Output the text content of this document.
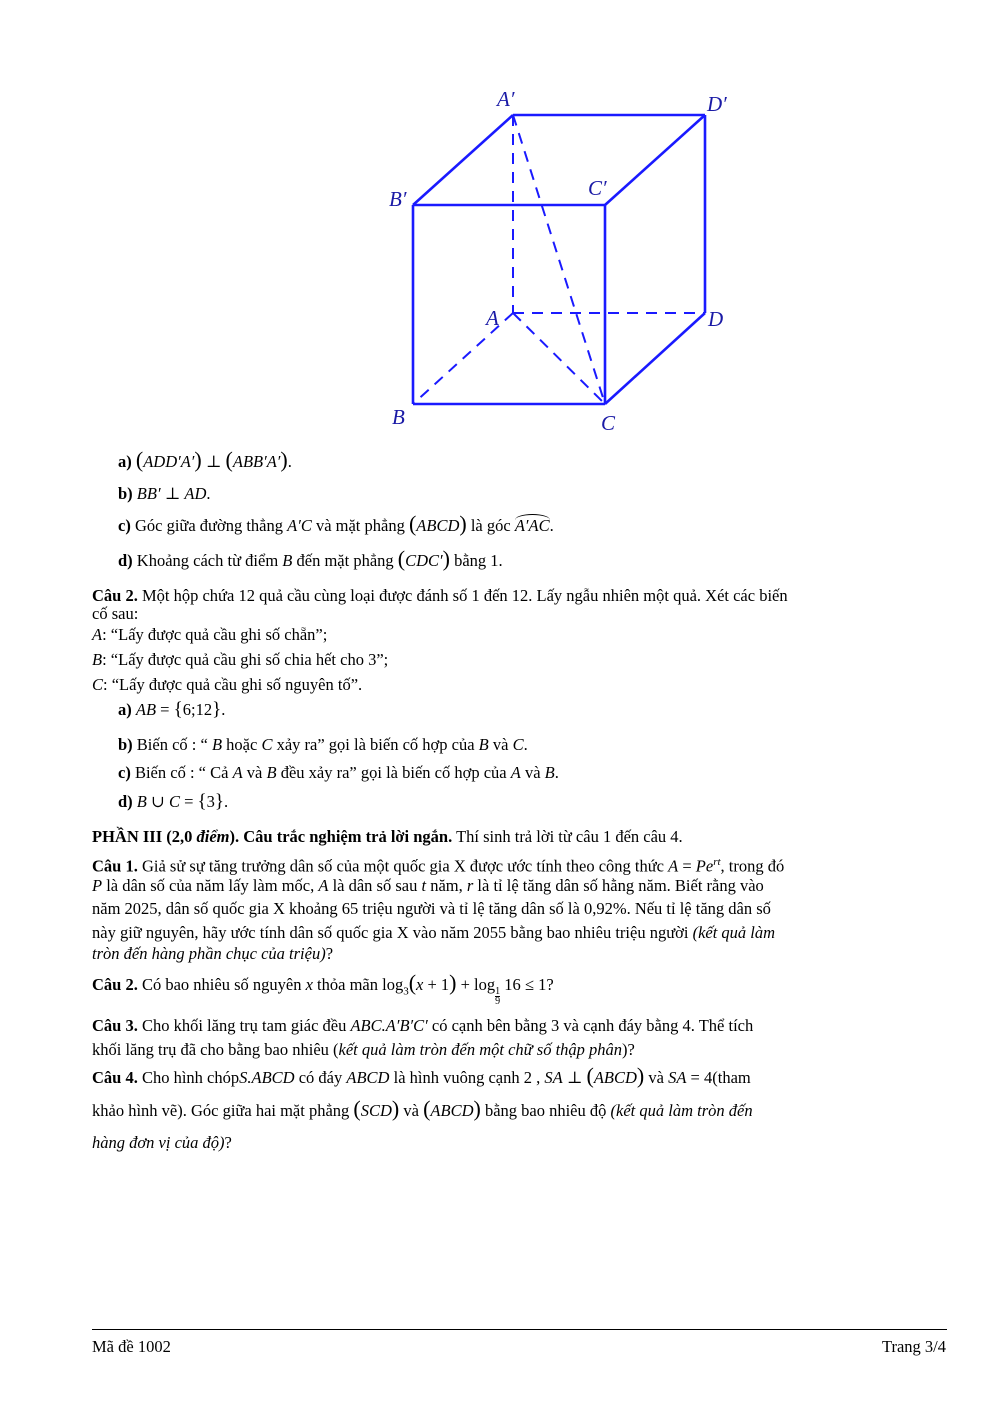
A′	D′
B′	C′
A	D
B	C
a) (ADD′A′) ⊥ (ABB′A′).
b) BB′ ⊥ AD.
c) Góc giữa đường thẳng A′C và mặt phẳng (ABCD) là góc A′AC.
d) Khoảng cách từ điểm B đến mặt phẳng (CDC′) bằng 1.
Câu 2. Một hộp chứa 12 quả cầu cùng loại được đánh số 1 đến 12. Lấy ngẫu nhiên một quả. Xét các biến
cố sau:
A: “Lấy được quả cầu ghi số chẵn”;
B: “Lấy được quả cầu ghi số chia hết cho 3”;
C: “Lấy được quả cầu ghi số nguyên tố”.
a) AB = {6;12}.
b) Biến cố : “ B hoặc C xảy ra” gọi là biến cố hợp của B và C.
c) Biến cố : “ Cả A và B đều xảy ra” gọi là biến cố hợp của A và B.
d) B ∪ C = {3}.
PHẦN III (2,0 điểm). Câu trắc nghiệm trả lời ngắn. Thí sinh trả lời từ câu 1 đến câu 4.
Câu 1. Giả sử sự tăng trưởng dân số của một quốc gia X được ước tính theo công thức $A = Pe^{rt}$, trong đó
P là dân số của năm lấy làm mốc, A là dân số sau t năm, r là tỉ lệ tăng dân số hằng năm. Biết rằng vào
năm 2025, dân số quốc gia X khoảng 65 triệu người và tỉ lệ tăng dân số là 0,92%. Nếu tỉ lệ tăng dân số
này giữ nguyên, hãy ước tính dân số quốc gia X vào năm 2055 bằng bao nhiêu triệu người (kết quả làm
tròn đến hàng phần chục của triệu)?
Câu 2. Có bao nhiêu số nguyên x thỏa mãn $\log_3(x + 1) + \log$
$\frac{1}{9}$
16 ≤ 1?
Câu 3. Cho khối lăng trụ tam giác đều ABC.A′B′C′ có cạnh bên bằng 3 và cạnh đáy bằng 4. Thể tích
khối lăng trụ đã cho bằng bao nhiêu (kết quả làm tròn đến một chữ số thập phân)?
Câu 4. Cho hình chópS.ABCD có đáy ABCD là hình vuông cạnh 2 , SA ⊥ (ABCD) và SA = 4(tham
khảo hình vẽ). Góc giữa hai mặt phẳng (SCD) và (ABCD) bằng bao nhiêu độ (kết quả làm tròn đến
hàng đơn vị của độ)?
Mã đề 1002	Trang 3/4
